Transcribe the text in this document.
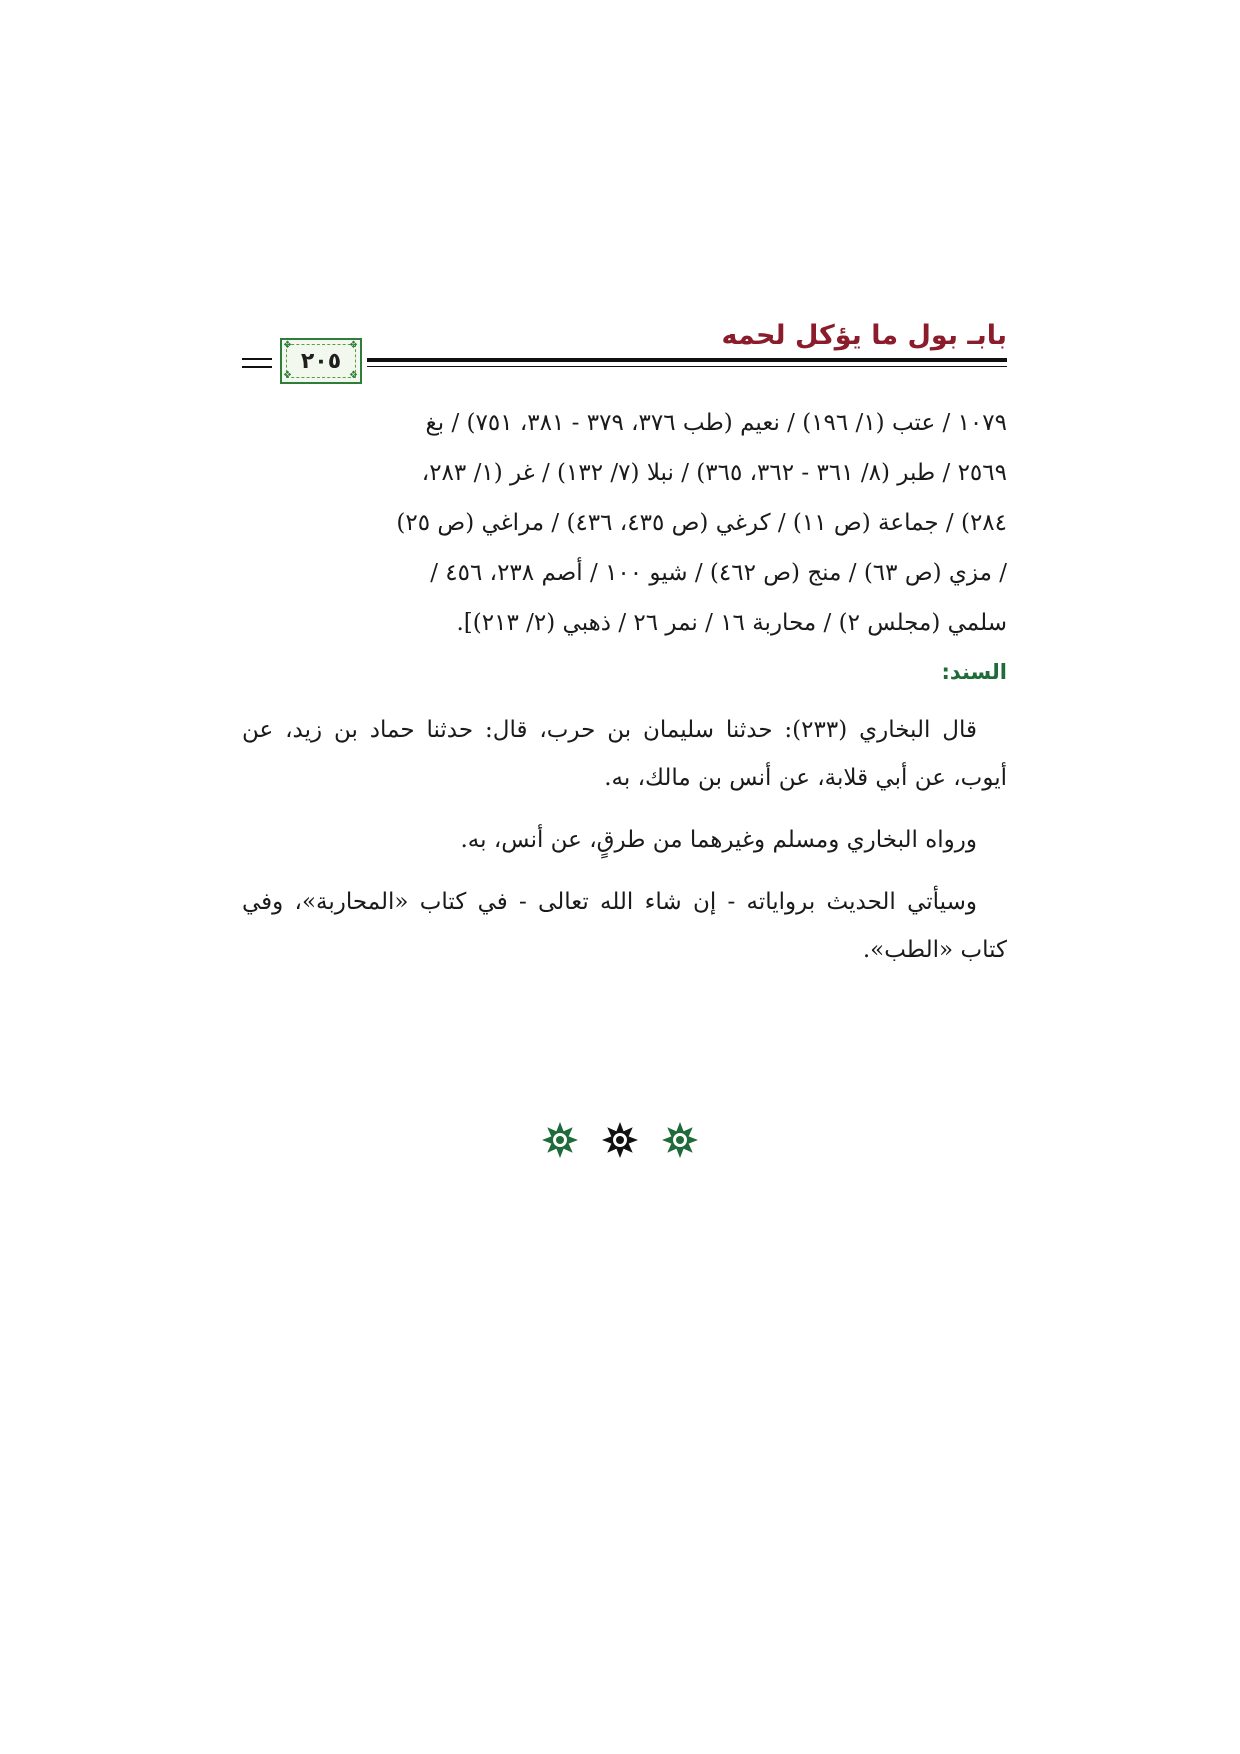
بابـ بول ما يؤكل لحمه
❖	❖
❖	❖
٢٠٥

١٠٧٩ / عتب (١/ ١٩٦) / نعيم (طب ٣٧٦، ٣٧٩ - ٣٨١، ٧٥١) / بغ

٢٥٦٩ / طبر (٨/ ٣٦١ - ٣٦٢، ٣٦٥) / نبلا (٧/ ١٣٢) / غر (١/ ٢٨٣،

٢٨٤) / جماعة (ص ١١) / كرغي (ص ٤٣٥، ٤٣٦) / مراغي (ص ٢٥)

/ مزي (ص ٦٣) / منج (ص ٤٦٢) / شيو ١٠٠ / أصم ٢٣٨، ٤٥٦ /

سلمي (مجلس ٢) / محاربة ١٦ / نمر ٢٦ / ذهبي (٢/ ٢١٣)].

السند:

قال البخاري (٢٣٣): حدثنا سليمان بن حرب، قال: حدثنا حماد بن زيد، عن أيوب، عن أبي قلابة، عن أنس بن مالك، به.

ورواه البخاري ومسلم وغيرهما من طرقٍ، عن أنس، به.

وسيأتي الحديث برواياته - إن شاء الله تعالى - في كتاب «المحاربة»، وفي كتاب «الطب».
